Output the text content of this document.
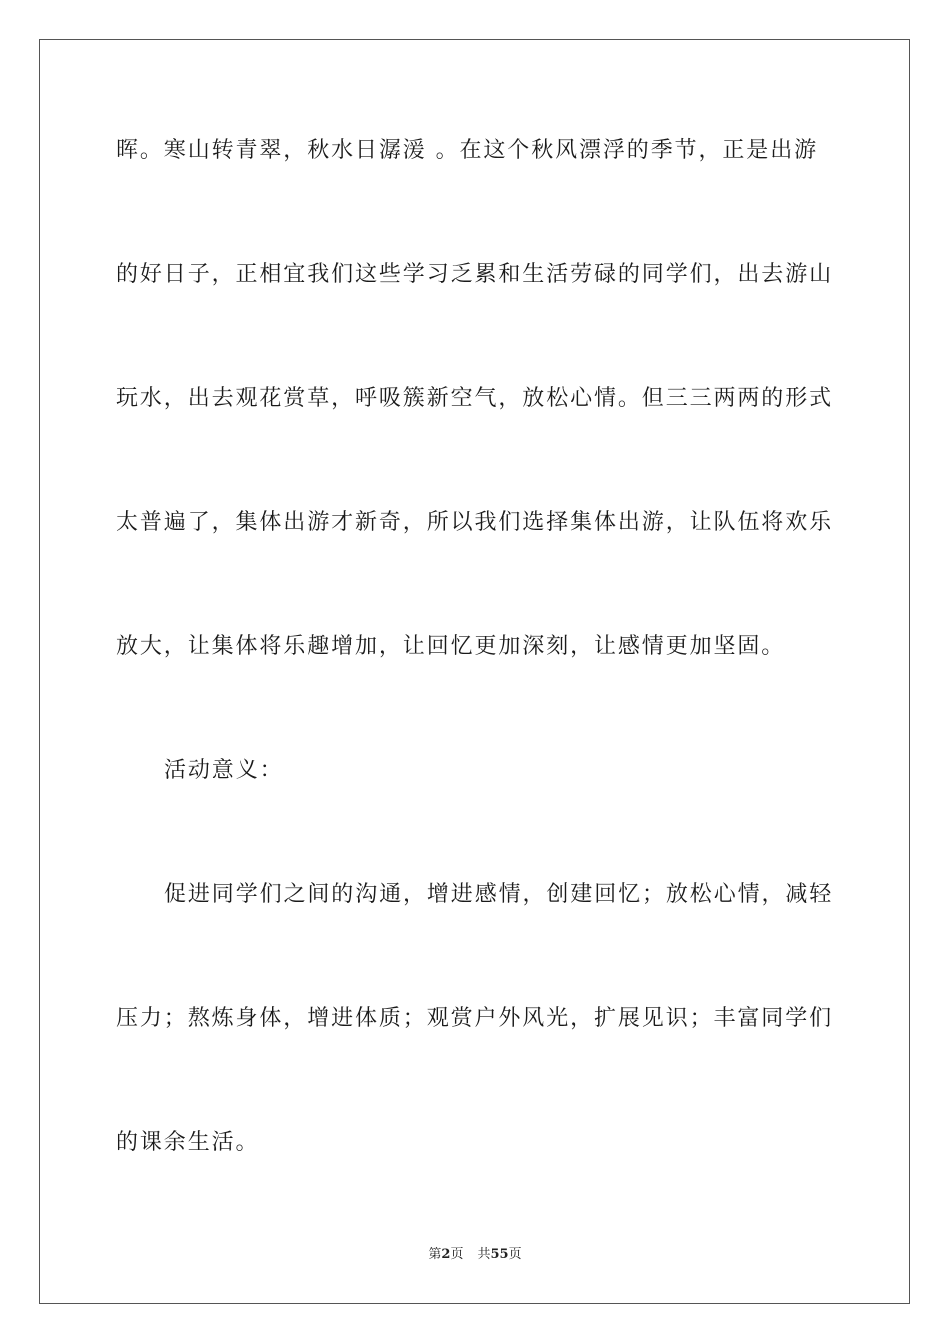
晖。寒山转青翠，秋水日潺湲 。在这个秋风漂浮的季节，正是出游
的好日子，正相宜我们这些学习乏累和生活劳碌的同学们，出去游山
玩水，出去观花赏草，呼吸簇新空气，放松心情。但三三两两的形式
太普遍了，集体出游才新奇，所以我们选择集体出游，让队伍将欢乐
放大，让集体将乐趣增加，让回忆更加深刻，让感情更加坚固。
活动意义：
促进同学们之间的沟通，增进感情，创建回忆；放松心情，减轻
压力；熬炼身体，增进体质；观赏户外风光，扩展见识；丰富同学们
的课余生活。
第2页 共55页
